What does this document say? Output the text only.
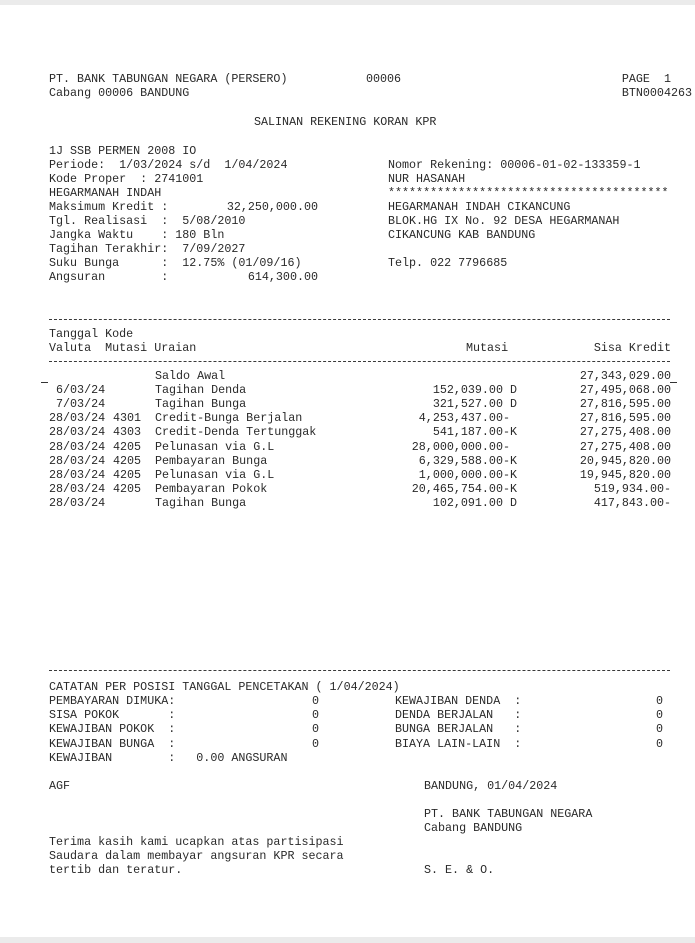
PT. BANK TABUNGAN NEGARA (PERSERO)	00006	PAGE  1
Cabang 00006 BANDUNG	BTN0004263
SALINAN REKENING KORAN KPR
1J SSB PERMEN 2008 IO
Periode:  1/03/2024 s/d  1/04/2024
Kode Proper  : 2741001
HEGARMANAH INDAH
Maksimum Kredit :	32,250,000.00
Tgl. Realisasi  :  5/08/2010
Jangka Waktu    : 180 Bln
Tagihan Terakhir:  7/09/2027
Suku Bunga      :  12.75% (01/09/16)
Angsuran        :	614,300.00
Nomor Rekening: 00006-01-02-133359-1
NUR HASANAH
****************************************
HEGARMANAH INDAH CIKANCUNG
BLOK.HG IX No. 92 DESA HEGARMANAH
CIKANCUNG KAB BANDUNG
Telp. 022 7796685
Tanggal Kode
Valuta  Mutasi Uraian	Mutasi	Sisa Kredit
Saldo Awal	27,343,029.00
6/03/24	Tagihan Denda	152,039.00 D	27,495,068.00
7/03/24	Tagihan Bunga	321,527.00 D	27,816,595.00
28/03/24 4301 Credit-Bunga Berjalan	4,253,437.00-	27,816,595.00
28/03/24 4303 Credit-Denda Tertunggak	541,187.00-K	27,275,408.00
28/03/24 4205 Pelunasan via G.L	28,000,000.00-	27,275,408.00
28/03/24 4205 Pembayaran Bunga	6,329,588.00-K	20,945,820.00
28/03/24 4205 Pelunasan via G.L	1,000,000.00-K	19,945,820.00
28/03/24 4205 Pembayaran Pokok	20,465,754.00-K	519,934.00-
28/03/24	Tagihan Bunga	102,091.00 D	417,843.00-
CATATAN PER POSISI TANGGAL PENCETAKAN ( 1/04/2024)
PEMBAYARAN DIMUKA:	0
SISA POKOK       :	0
KEWAJIBAN POKOK  :	0
KEWAJIBAN BUNGA  :	0
KEWAJIBAN DENDA  :	0
DENDA BERJALAN   :	0
BUNGA BERJALAN   :	0
BIAYA LAIN-LAIN  :	0
KEWAJIBAN        :   0.00 ANGSURAN
AGF	BANDUNG, 01/04/2024
PT. BANK TABUNGAN NEGARA
Cabang BANDUNG
Terima kasih kami ucapkan atas partisipasi
Saudara dalam membayar angsuran KPR secara
tertib dan teratur.	S. E. & O.
